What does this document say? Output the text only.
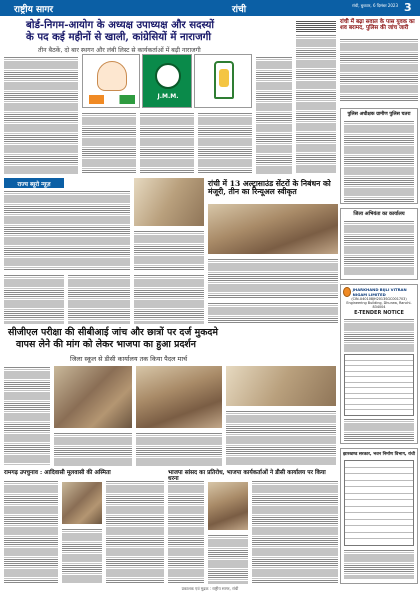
राष्ट्रीय सागर	रांची	रांची, बुधवार, 6 दिसंबर 2023 3
बोर्ड-निगम-आयोग के अध्यक्ष उपाध्यक्ष और सदस्यों
के पद कई महीनों से खाली, कांग्रेसियों में नाराजगी
तीन बैठकें, दो बार स्थगन और लंबी लिस्ट से कार्यकर्ताओं में बढ़ी नाराजगी
J.M.M.
रांची में बढ़ा सवाल के पास युवक का शव बरामद, पुलिस की जांच जारी
राज्य ब्यूरो न्यूज़	रांची में 13 अल्ट्रासाउंड सेंटरों के निबंधन को मंजूरी, तीन का रिन्यूअल स्वीकृत
पुलिस अधीक्षक ग्रामीण पुलिस चतरा
जिला अभियंता का कार्यालय
सीजीएल परीक्षा की सीबीआई जांच और छात्रों पर दर्ज मुकदमे
वापस लेने की मांग को लेकर भाजपा का हुआ प्रदर्शन
जिला स्कूल से डीसी कार्यालय तक किया पैदल मार्च
रामगढ़ उपचुनाव : आदिवासी मूलवासी की अस्मिता	भाजपा सांसद का प्रतिरोध, भाजपा कार्यकर्ताओं ने डीसी कार्यालय पर किया
JHARKHAND BIJLI VITRAN NIGAM LIMITED
(CIN-U40108JH2013SGC001703)
Engineering Building, Dhurwa, Ranchi-834004
E-TENDER NOTICE
झारखण्ड सरकार, भवन निर्माण विभाग, रांची
प्रकाशक एवं मुद्रक : राष्ट्रीय सागर, रांची
